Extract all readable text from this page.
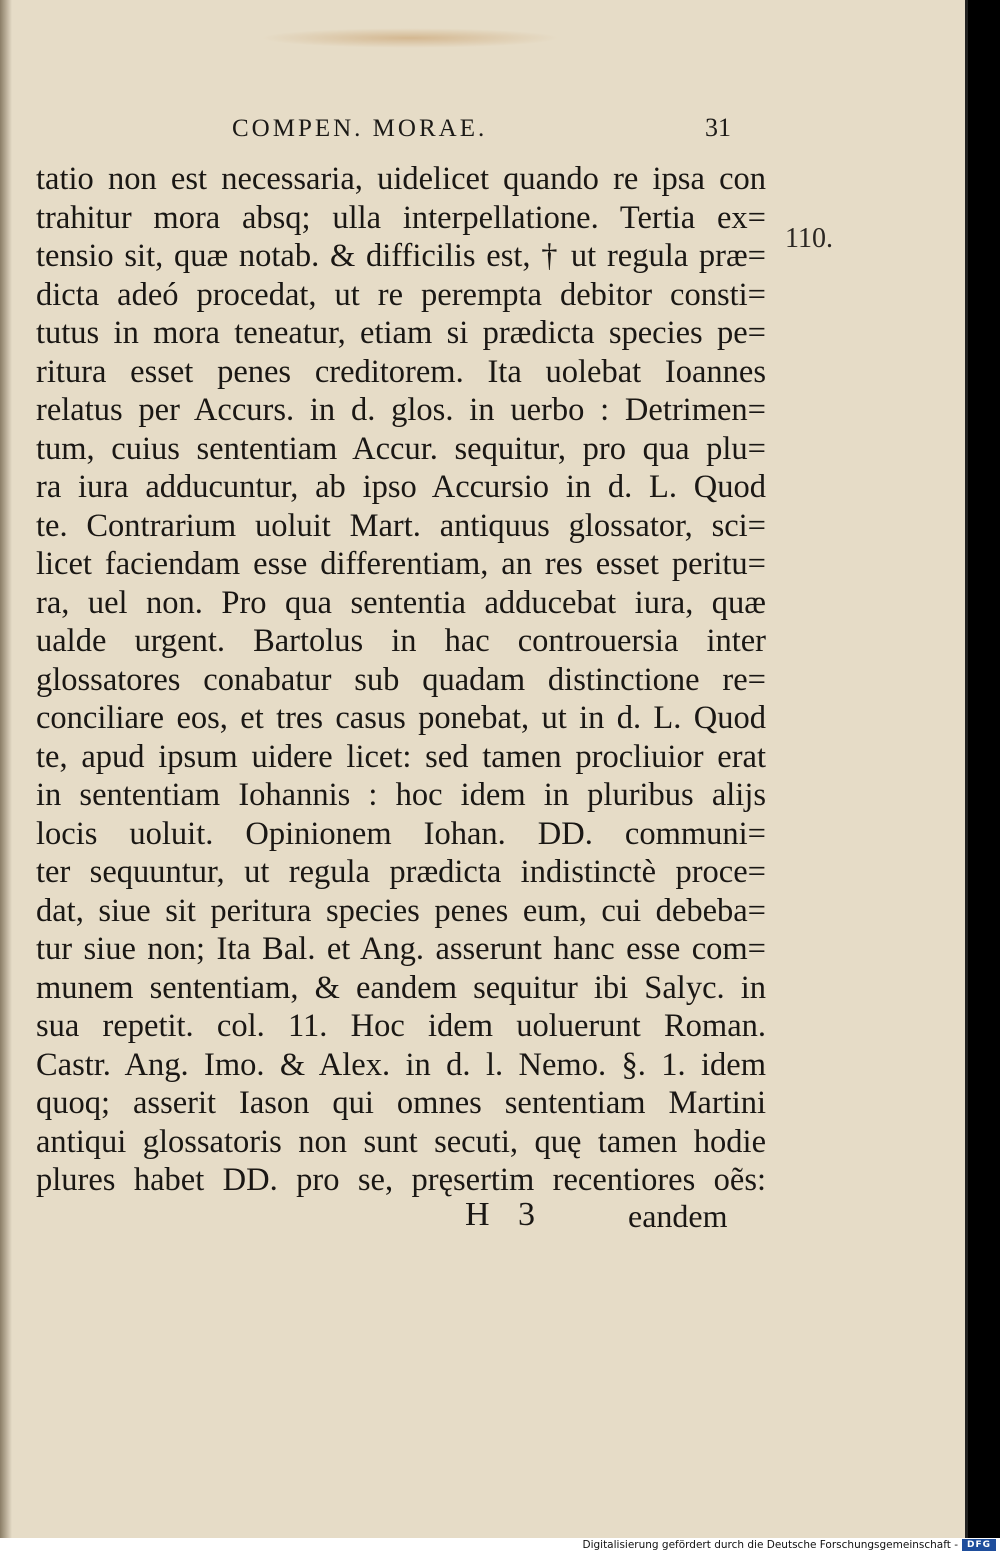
COMPEN. MORAE.	31
110.
tatio non est necessaria, uidelicet quando re ipsa con
trahitur mora absq; ulla interpellatione. Tertia ex=
tensio sit, quæ notab. & difficilis est, † ut regula præ=
dicta adeó procedat, ut re perempta debitor consti=
tutus in mora teneatur, etiam si prædicta species pe=
ritura esset penes creditorem. Ita uolebat Ioannes
relatus per Accurs. in d. glos. in uerbo : Detrimen=
tum, cuius sententiam Accur. sequitur, pro qua plu=
ra iura adducuntur, ab ipso Accursio in d. L. Quod
te. Contrarium uoluit Mart. antiquus glossator, sci=
licet faciendam esse differentiam, an res esset peritu=
ra, uel non. Pro qua sententia adducebat iura, quæ
ualde urgent. Bartolus in hac controuersia inter
glossatores conabatur sub quadam distinctione re=
conciliare eos, et tres casus ponebat, ut in d. L. Quod
te, apud ipsum uidere licet: sed tamen procliuior erat
in sententiam Iohannis : hoc idem in pluribus alijs
locis uoluit. Opinionem Iohan. DD. communi=
ter sequuntur, ut regula prædicta indistinctè proce=
dat, siue sit peritura species penes eum, cui debeba=
tur siue non; Ita Bal. et Ang. asserunt hanc esse com=
munem sententiam, & eandem sequitur ibi Salyc. in
sua repetit. col. 11. Hoc idem uoluerunt Roman.
Castr. Ang. Imo. & Alex. in d. l. Nemo. §. 1. idem
quoq; asserit Iason qui omnes sententiam Martini
antiqui glossatoris non sunt secuti, quę tamen hodie
plures habet DD. pro se, pręsertim recentiores oẽs:
H 3	eandem
Digitalisierung gefördert durch die Deutsche Forschungsgemeinschaft - DFG
